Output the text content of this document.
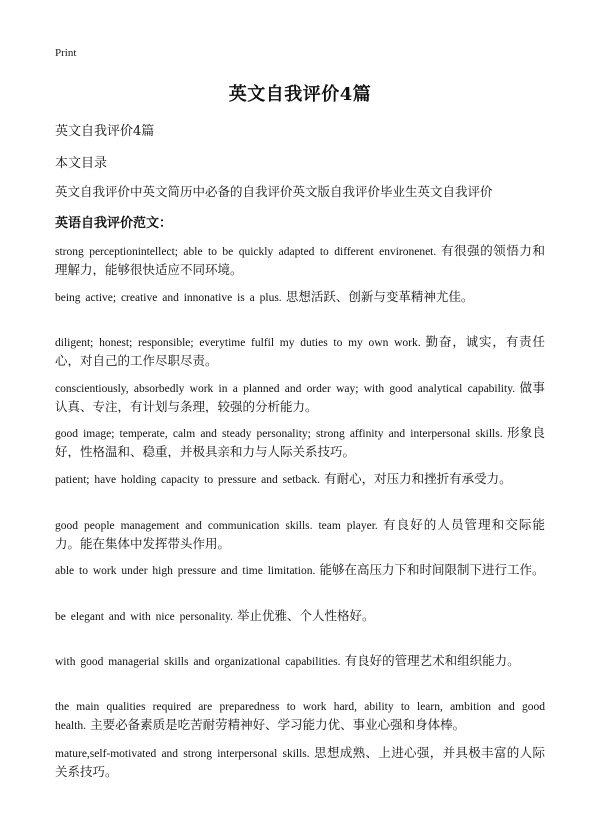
Print
英文自我评价4篇
英文自我评价4篇
本文目录
英文自我评价中英文简历中必备的自我评价英文版自我评价毕业生英文自我评价
英语自我评价范文：
strong perceptionintellect; able to be quickly adapted to different environenet. 有很强的领悟力和理解力，能够很快适应不同环境。
being active; creative and innonative is a plus. 思想活跃、创新与变革精神尤佳。
diligent; honest; responsible; everytime fulfil my duties to my own work. 勤奋，诚实，有责任心，对自己的工作尽职尽责。
conscientiously, absorbedly work in a planned and order way; with good analytical capability. 做事认真、专注，有计划与条理，较强的分析能力。
good image; temperate, calm and steady personality; strong affinity and interpersonal skills. 形象良好，性格温和、稳重，并极具亲和力与人际关系技巧。
patient; have holding capacity to pressure and setback. 有耐心，对压力和挫折有承受力。
good people management and communication skills. team player. 有良好的人员管理和交际能力。能在集体中发挥带头作用。
able to work under high pressure and time limitation. 能够在高压力下和时间限制下进行工作。
be elegant and with nice personality. 举止优雅、个人性格好。
with good managerial skills and organizational capabilities. 有良好的管理艺术和组织能力。
the main qualities required are preparedness to work hard, ability to learn, ambition and good health. 主要必备素质是吃苦耐劳精神好、学习能力优、事业心强和身体棒。
mature,self-motivated and strong interpersonal skills. 思想成熟、上进心强，并具极丰富的人际关系技巧。
